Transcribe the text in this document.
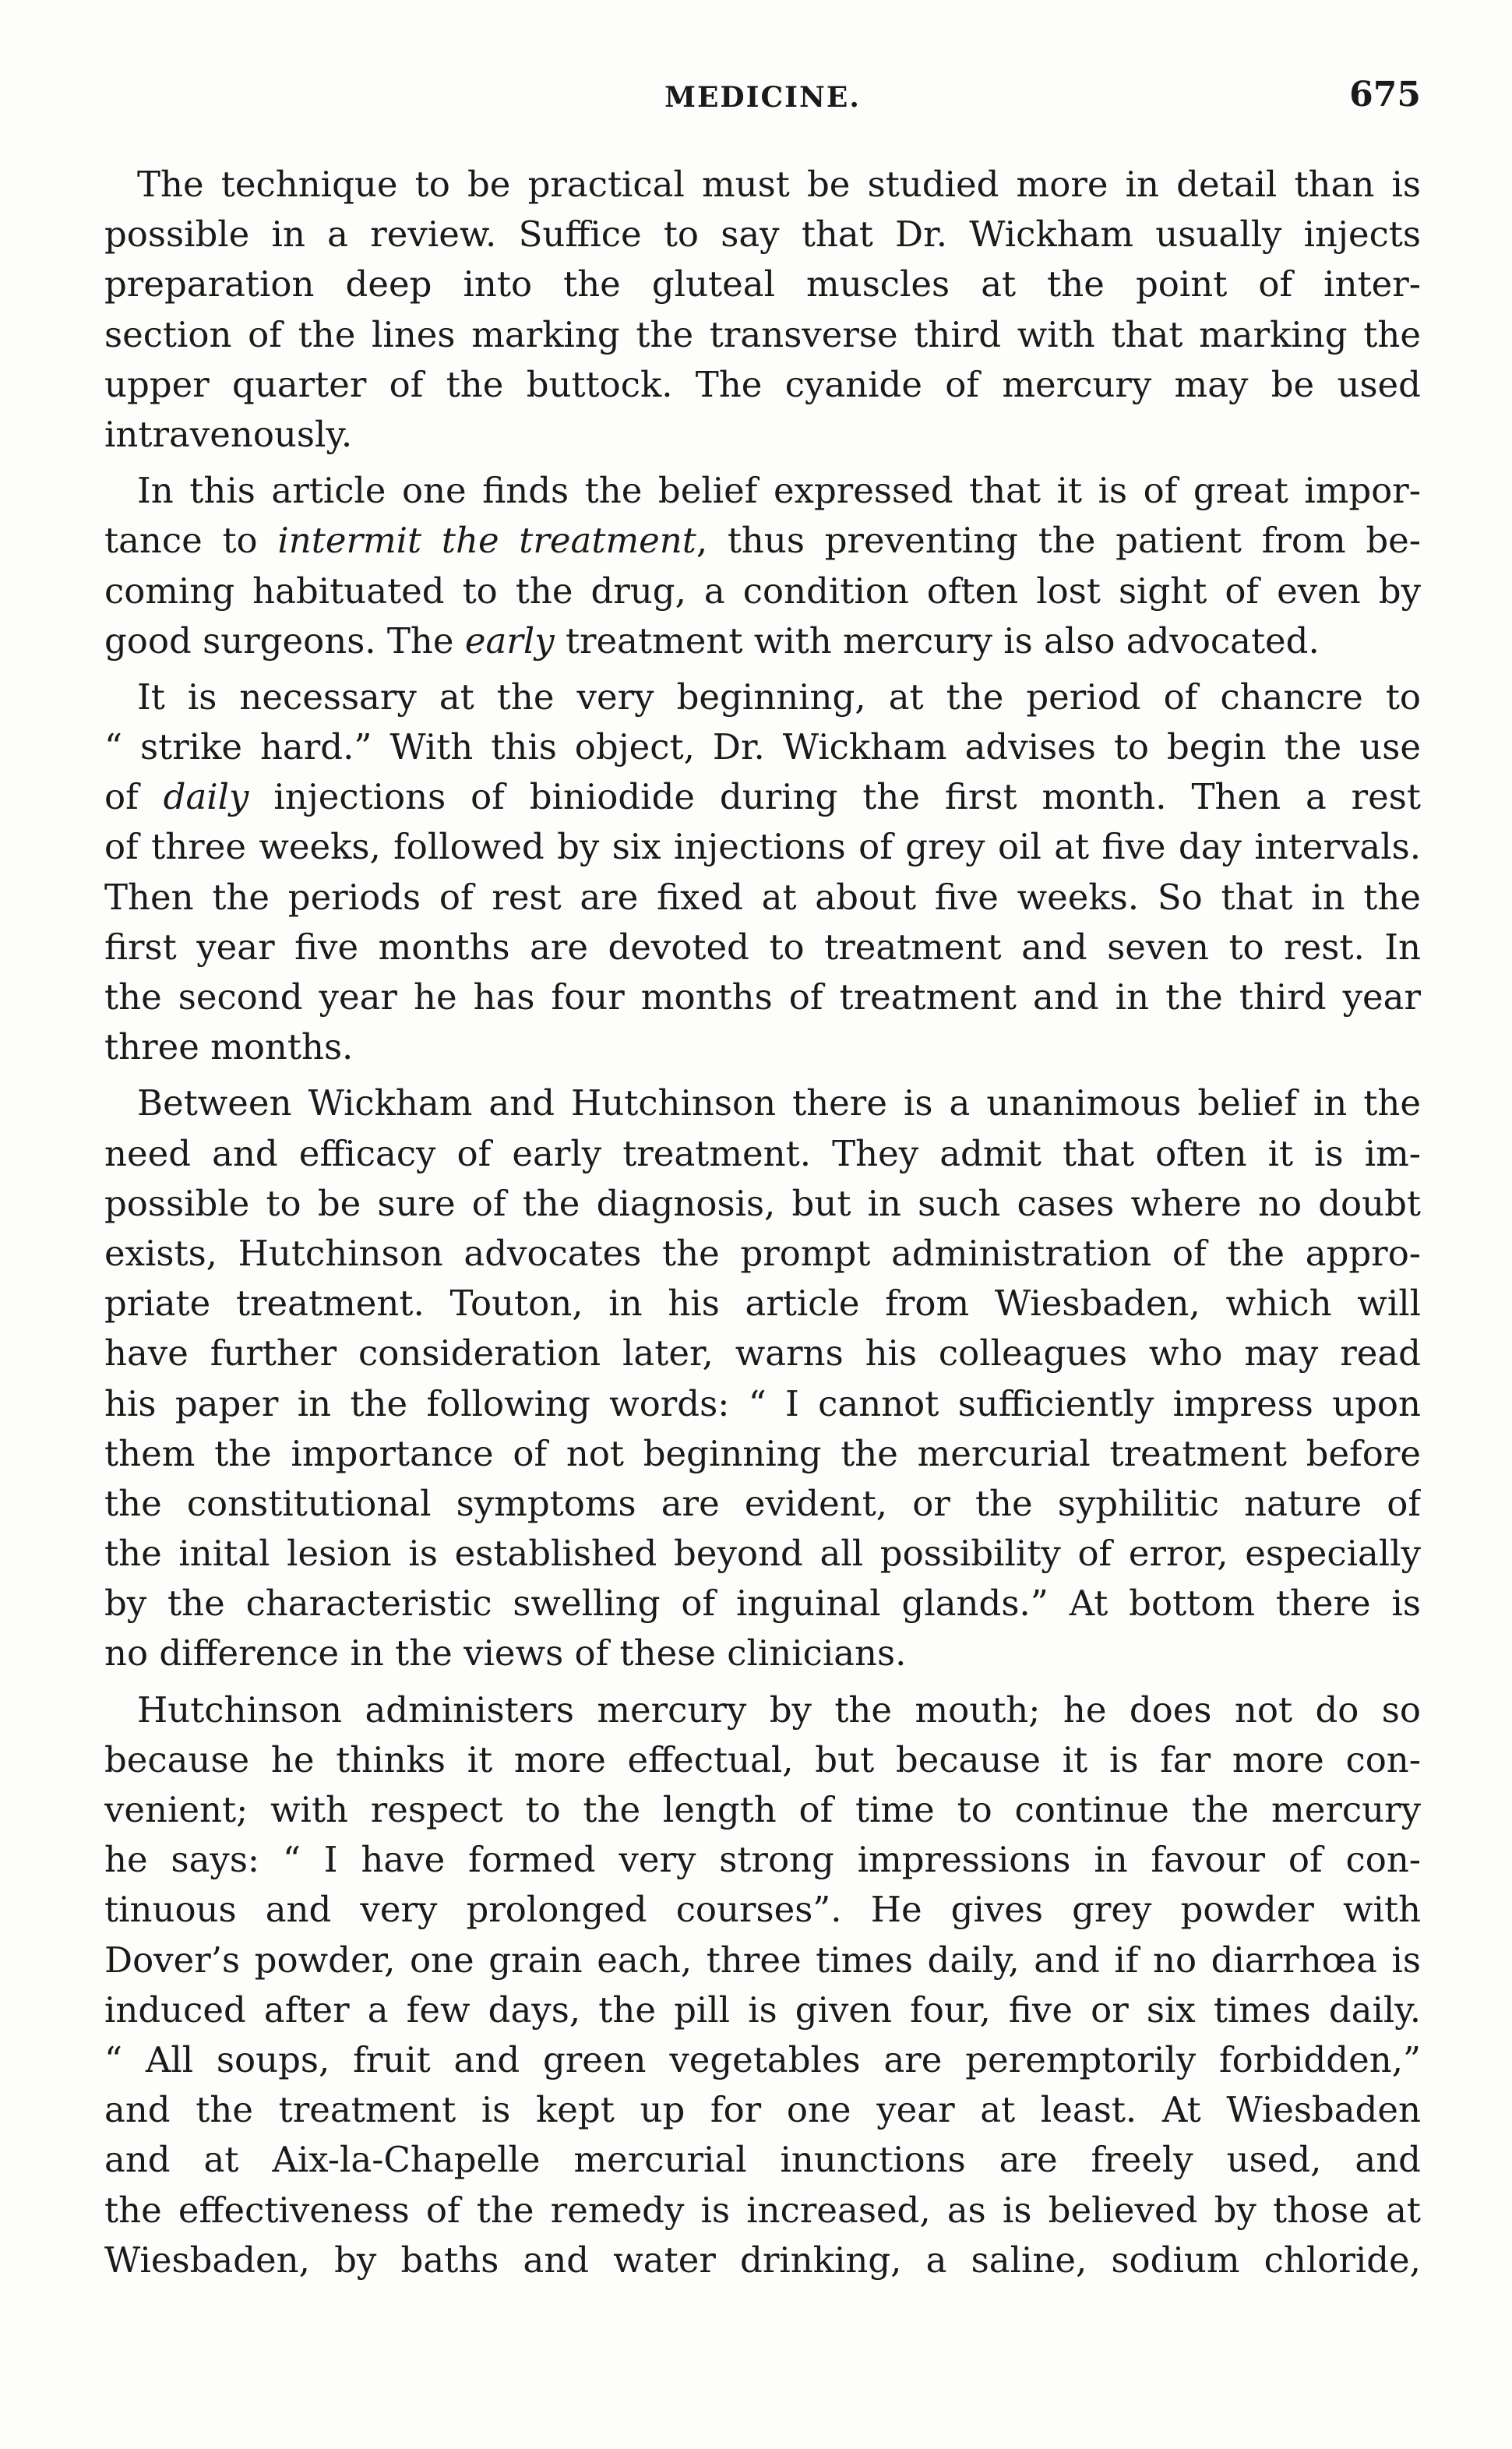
MEDICINE.	675
The technique to be practical must be studied more in detail than is
possible in a review. Suffice to say that Dr. Wickham usually injects
preparation deep into the gluteal muscles at the point of inter-
section of the lines marking the transverse third with that marking the
upper quarter of the buttock. The cyanide of mercury may be used
intravenously.
In this article one finds the belief expressed that it is of great impor-
tance to intermit the treatment, thus preventing the patient from be-
coming habituated to the drug, a condition often lost sight of even by
good surgeons. The early treatment with mercury is also advocated.
It is necessary at the very beginning, at the period of chancre to
“ strike hard.” With this object, Dr. Wickham advises to begin the use
of daily injections of biniodide during the first month. Then a rest
of three weeks, followed by six injections of grey oil at five day intervals.
Then the periods of rest are fixed at about five weeks. So that in the
first year five months are devoted to treatment and seven to rest. In
the second year he has four months of treatment and in the third year
three months.
Between Wickham and Hutchinson there is a unanimous belief in the
need and efficacy of early treatment. They admit that often it is im-
possible to be sure of the diagnosis, but in such cases where no doubt
exists, Hutchinson advocates the prompt administration of the appro-
priate treatment. Touton, in his article from Wiesbaden, which will
have further consideration later, warns his colleagues who may read
his paper in the following words: “ I cannot sufficiently impress upon
them the importance of not beginning the mercurial treatment before
the constitutional symptoms are evident, or the syphilitic nature of
the inital lesion is established beyond all possibility of error, especially
by the characteristic swelling of inguinal glands.” At bottom there is
no difference in the views of these clinicians.
Hutchinson administers mercury by the mouth; he does not do so
because he thinks it more effectual, but because it is far more con-
venient; with respect to the length of time to continue the mercury
he says: “ I have formed very strong impressions in favour of con-
tinuous and very prolonged courses”. He gives grey powder with
Dover’s powder, one grain each, three times daily, and if no diarrhœa is
induced after a few days, the pill is given four, five or six times daily.
“ All soups, fruit and green vegetables are peremptorily forbidden,”
and the treatment is kept up for one year at least. At Wiesbaden
and at Aix-la-Chapelle mercurial inunctions are freely used, and
the effectiveness of the remedy is increased, as is believed by those at
Wiesbaden, by baths and water drinking, a saline, sodium chloride,
